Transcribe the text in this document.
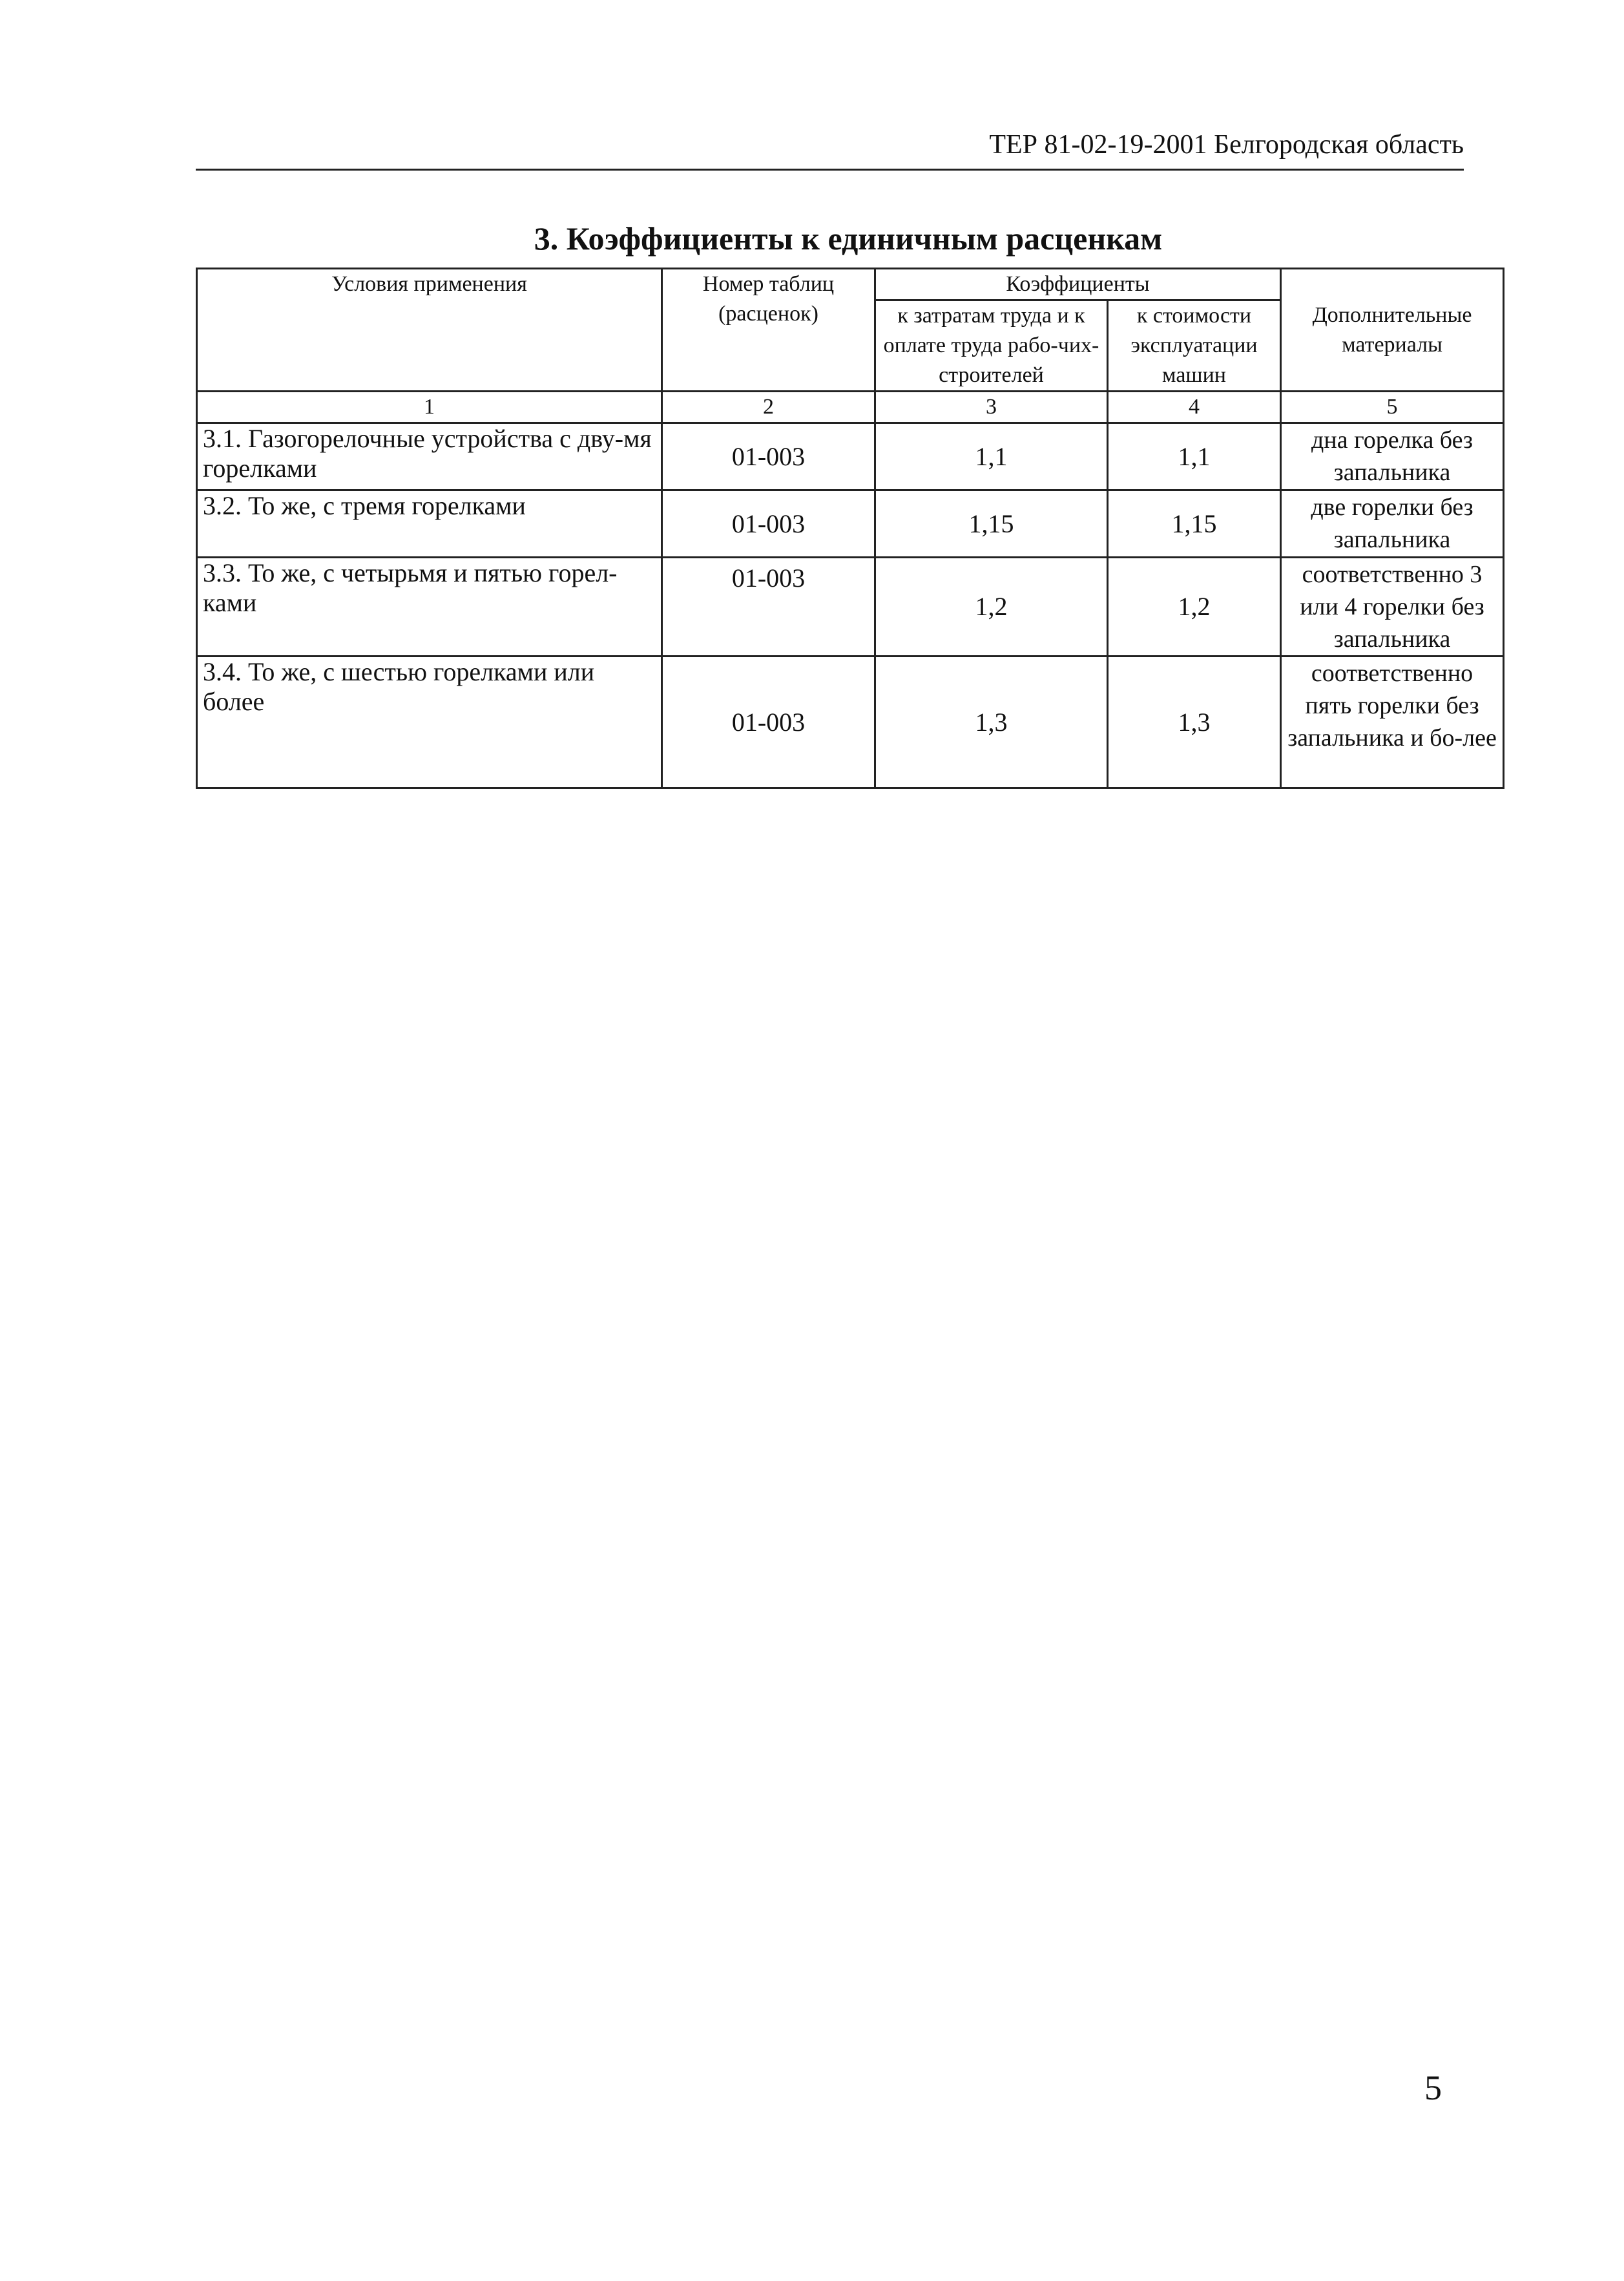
ТЕР 81-02-19-2001 Белгородская область
3. Коэффициенты к единичным расценкам
Условия применения	Номер таблиц (расценок)	Коэффициенты		Дополнительные материалы
		к затратам труда и к оплате труда рабо-чих-строителей	к стоимости эксплуатации машин	
1	2	3	4	5
3.1. Газогорелочные устройства с дву-мя горелками	01-003	1,1	1,1	дна горелка без запальника
3.2. То же, с тремя горелками	01-003	1,15	1,15	две горелки без запальника
3.3. То же, с четырьмя и пятью горел-ками	01-003	1,2	1,2	соответственно 3 или 4 горелки без запальника
3.4. То же, с шестью горелками или более	01-003	1,3	1,3	соответственно пять горелки без запальника и бо-лее
5
